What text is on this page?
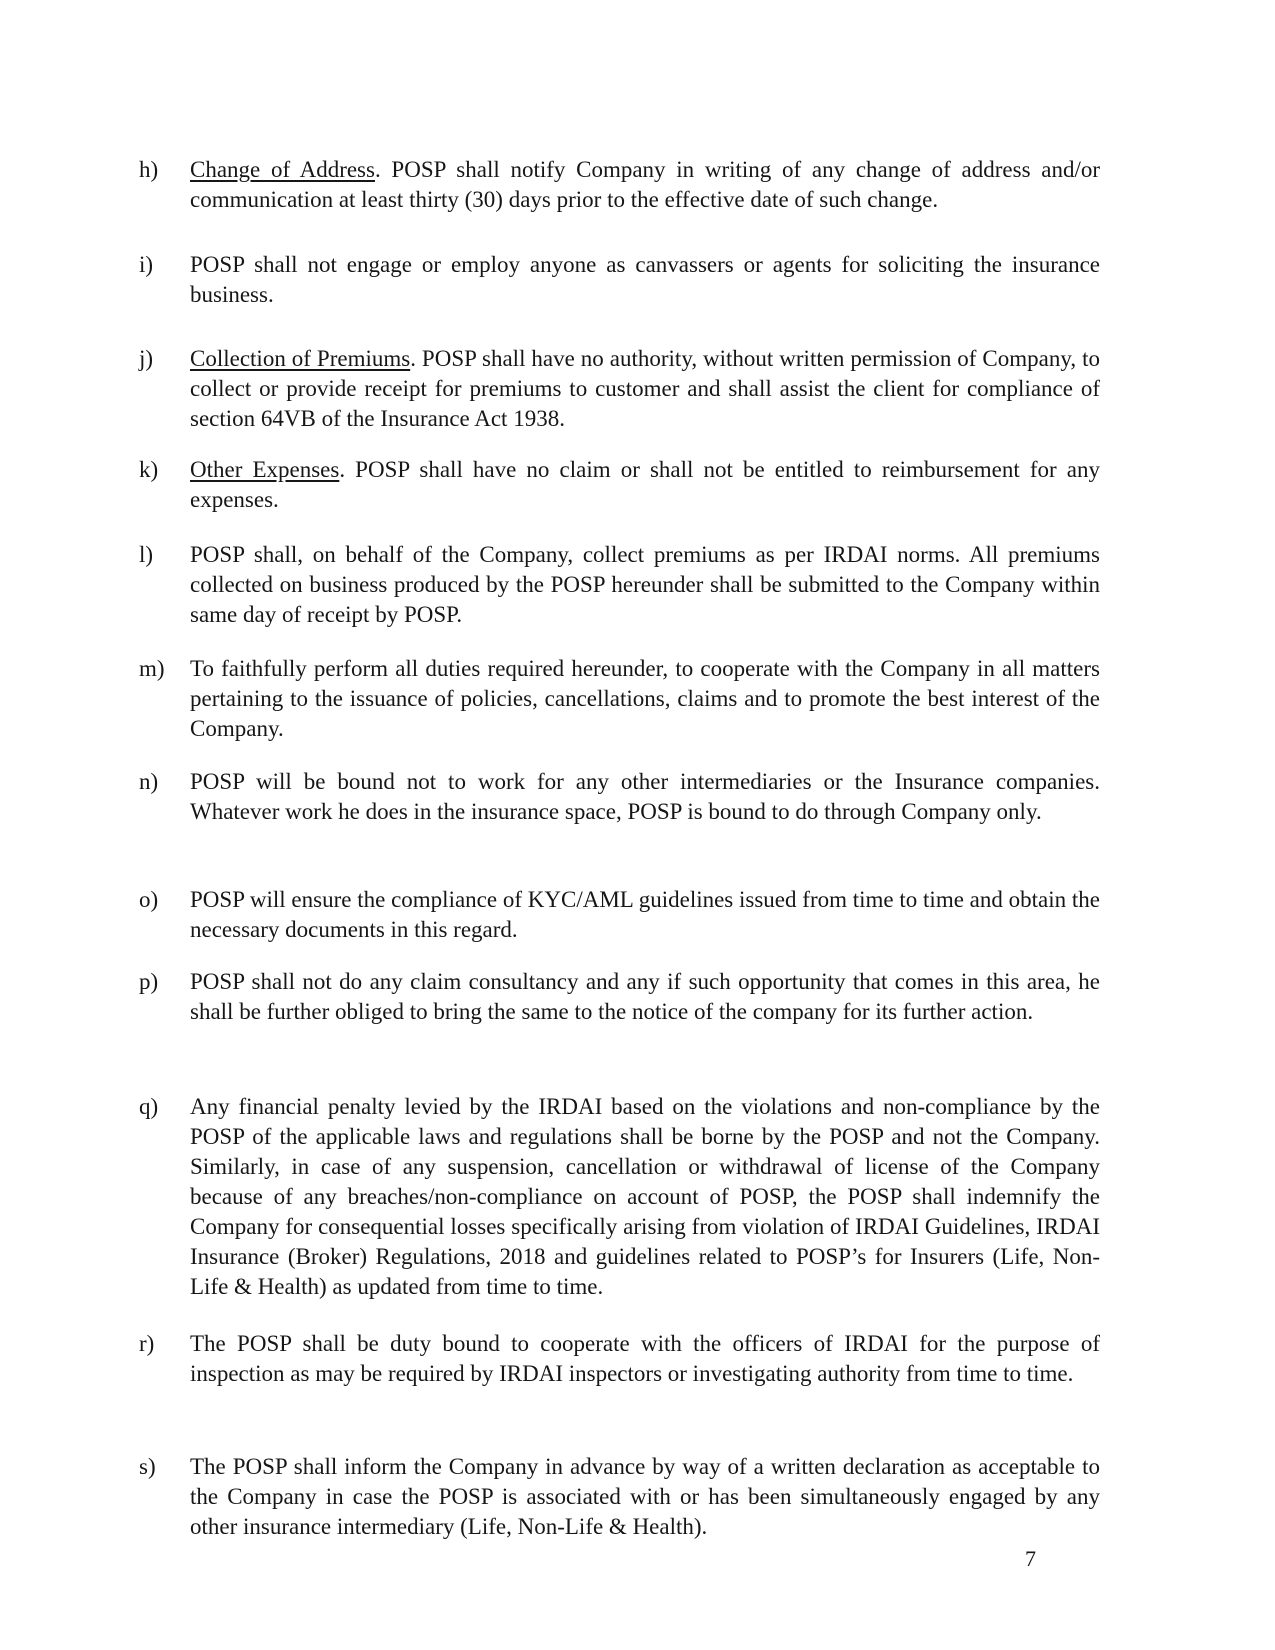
h) Change of Address. POSP shall notify Company in writing of any change of address and/or communication at least thirty (30) days prior to the effective date of such change.

i) POSP shall not engage or employ anyone as canvassers or agents for soliciting the insurance business.

j) Collection of Premiums. POSP shall have no authority, without written permission of Company, to collect or provide receipt for premiums to customer and shall assist the client for compliance of section 64VB of the Insurance Act 1938.

k) Other Expenses. POSP shall have no claim or shall not be entitled to reimbursement for any expenses.

l) POSP shall, on behalf of the Company, collect premiums as per IRDAI norms. All premiums collected on business produced by the POSP hereunder shall be submitted to the Company within same day of receipt by POSP.

m) To faithfully perform all duties required hereunder, to cooperate with the Company in all matters pertaining to the issuance of policies, cancellations, claims and to promote the best interest of the Company.

n) POSP will be bound not to work for any other intermediaries or the Insurance companies. Whatever work he does in the insurance space, POSP is bound to do through Company only.

o) POSP will ensure the compliance of KYC/AML guidelines issued from time to time and obtain the necessary documents in this regard.

p) POSP shall not do any claim consultancy and any if such opportunity that comes in this area, he shall be further obliged to bring the same to the notice of the company for its further action.

q) Any financial penalty levied by the IRDAI based on the violations and non-compliance by the POSP of the applicable laws and regulations shall be borne by the POSP and not the Company. Similarly, in case of any suspension, cancellation or withdrawal of license of the Company because of any breaches/non-compliance on account of POSP, the POSP shall indemnify the Company for consequential losses specifically arising from violation of IRDAI Guidelines, IRDAI Insurance (Broker) Regulations, 2018 and guidelines related to POSP’s for Insurers (Life, Non-Life & Health) as updated from time to time.

r) The POSP shall be duty bound to cooperate with the officers of IRDAI for the purpose of inspection as may be required by IRDAI inspectors or investigating authority from time to time.

s) The POSP shall inform the Company in advance by way of a written declaration as acceptable to the Company in case the POSP is associated with or has been simultaneously engaged by any other insurance intermediary (Life, Non-Life & Health).

7
